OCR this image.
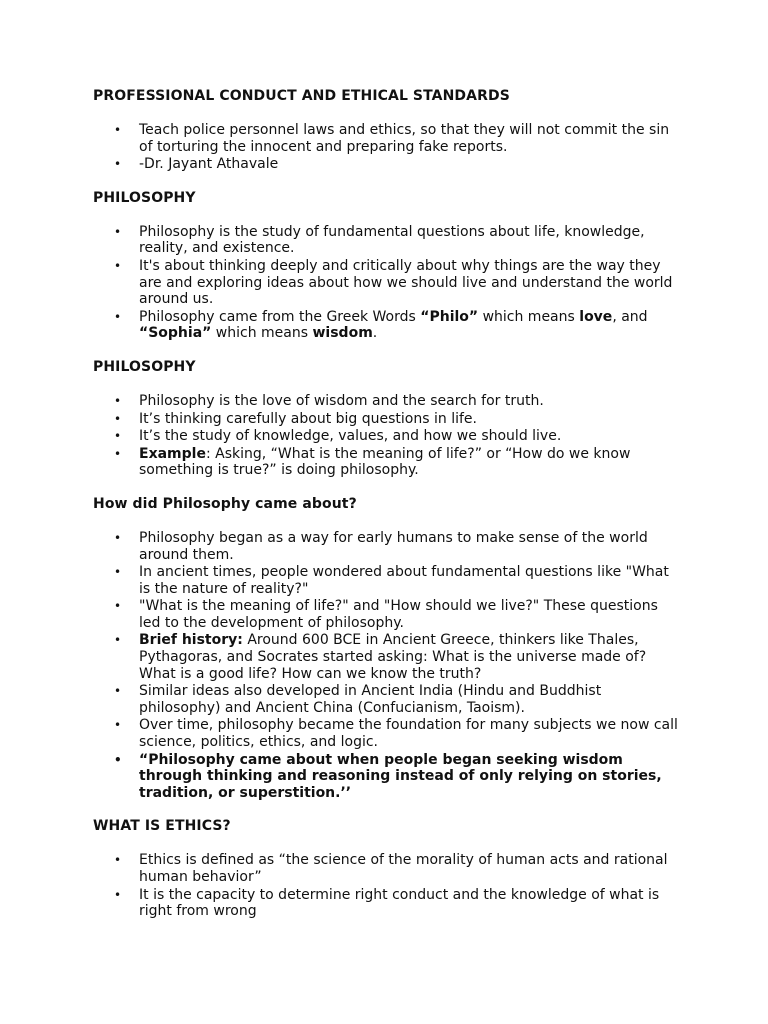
PROFESSIONAL CONDUCT AND ETHICAL STANDARDS
• Teach police personnel laws and ethics, so that they will not commit the sin of torturing the innocent and preparing fake reports.
• -Dr. Jayant Athavale
PHILOSOPHY
• Philosophy is the study of fundamental questions about life, knowledge, reality, and existence.
• It's about thinking deeply and critically about why things are the way they are and exploring ideas about how we should live and understand the world around us.
• Philosophy came from the Greek Words “Philo” which means love, and “Sophia” which means wisdom.
PHILOSOPHY
• Philosophy is the love of wisdom and the search for truth.
• It’s thinking carefully about big questions in life.
• It’s the study of knowledge, values, and how we should live.
• Example: Asking, “What is the meaning of life?” or “How do we know something is true?” is doing philosophy.
How did Philosophy came about?
• Philosophy began as a way for early humans to make sense of the world around them.
• In ancient times, people wondered about fundamental questions like "What is the nature of reality?"
• "What is the meaning of life?" and "How should we live?" These questions led to the development of philosophy.
• Brief history: Around 600 BCE in Ancient Greece, thinkers like Thales, Pythagoras, and Socrates started asking: What is the universe made of? What is a good life? How can we know the truth?
• Similar ideas also developed in Ancient India (Hindu and Buddhist philosophy) and Ancient China (Confucianism, Taoism).
• Over time, philosophy became the foundation for many subjects we now call science, politics, ethics, and logic.
• “Philosophy came about when people began seeking wisdom through thinking and reasoning instead of only relying on stories, tradition, or superstition.’’
WHAT IS ETHICS?
• Ethics is defined as “the science of the morality of human acts and rational human behavior”
• It is the capacity to determine right conduct and the knowledge of what is right from wrong
